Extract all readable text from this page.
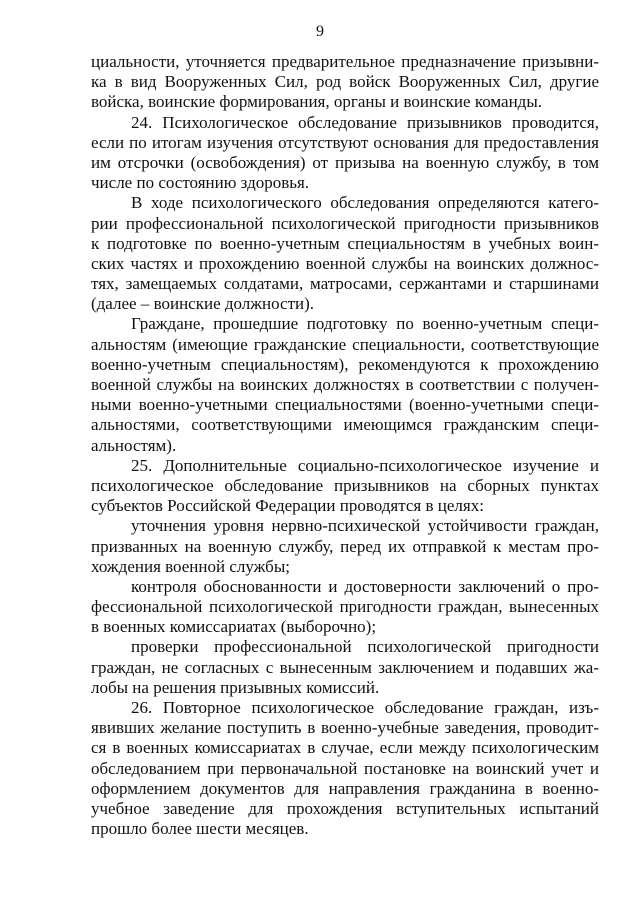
9
циальности, уточняется предварительное предназначение призывни-
ка в вид Вооруженных Сил, род войск Вооруженных Сил, другие
войска, воинские формирования, органы и воинские команды.
24. Психологическое обследование призывников проводится,
если по итогам изучения отсутствуют основания для предоставления
им отсрочки (освобождения) от призыва на военную службу, в том
числе по состоянию здоровья.
В ходе психологического обследования определяются катего-
рии профессиональной психологической пригодности призывников
к подготовке по военно-учетным специальностям в учебных воин-
ских частях и прохождению военной службы на воинских должнос-
тях, замещаемых солдатами, матросами, сержантами и старшинами
(далее – воинские должности).
Граждане, прошедшие подготовку по военно-учетным специ-
альностям (имеющие гражданские специальности, соответствующие
военно-учетным специальностям), рекомендуются к прохождению
военной службы на воинских должностях в соответствии с получен-
ными военно-учетными специальностями (военно-учетными специ-
альностями, соответствующими имеющимся гражданским специ-
альностям).
25. Дополнительные социально-психологическое изучение и
психологическое обследование призывников на сборных пунктах
субъектов Российской Федерации проводятся в целях:
уточнения уровня нервно-психической устойчивости граждан,
призванных на военную службу, перед их отправкой к местам про-
хождения военной службы;
контроля обоснованности и достоверности заключений о про-
фессиональной психологической пригодности граждан, вынесенных
в военных комиссариатах (выборочно);
проверки профессиональной психологической пригодности
граждан, не согласных с вынесенным заключением и подавших жа-
лобы на решения призывных комиссий.
26. Повторное психологическое обследование граждан, изъ-
явивших желание поступить в военно-учебные заведения, проводит-
ся в военных комиссариатах в случае, если между психологическим
обследованием при первоначальной постановке на воинский учет и
оформлением документов для направления гражданина в военно-
учебное заведение для прохождения вступительных испытаний
прошло более шести месяцев.
